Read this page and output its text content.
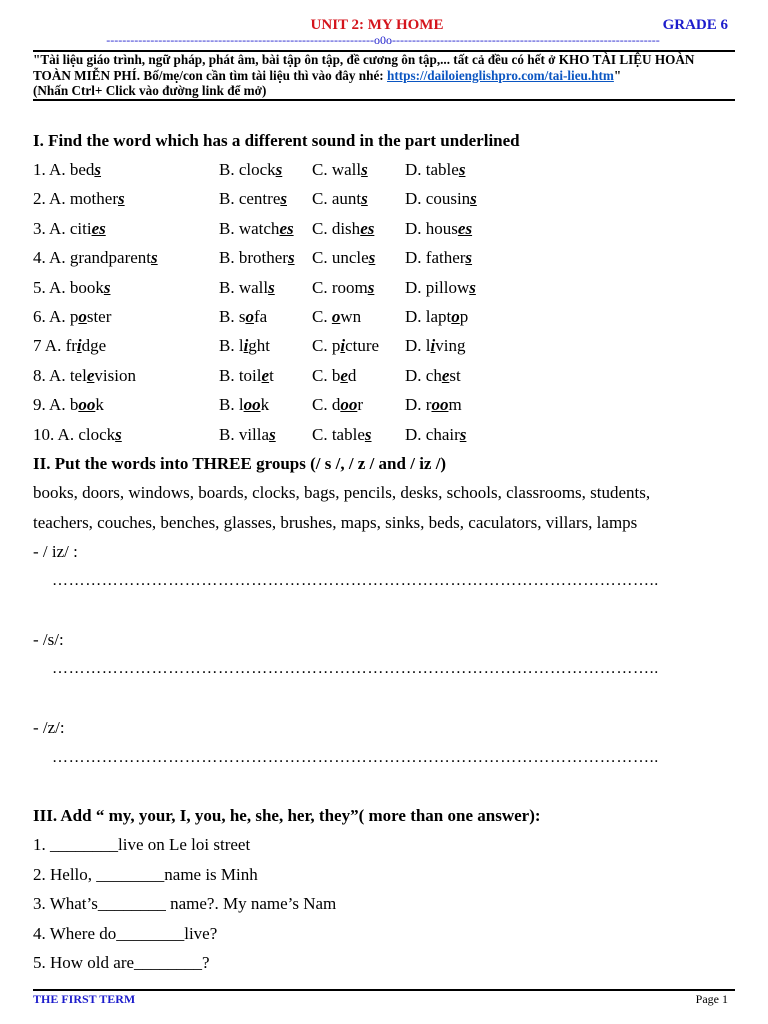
UNIT 2: MY HOME	GRADE 6
-------------------------------------------------------------------o0o-------------------------------------------------------------------
"Tài liệu giáo trình, ngữ pháp, phát âm, bài tập ôn tập, đề cương ôn tập,... tất cả đều có hết ở KHO TÀI LIỆU HOÀN TOÀN MIỄN PHÍ. Bố/mẹ/con cần tìm tài liệu thì vào đây nhé: https://dailoienglishpro.com/tai-lieu.htm"
(Nhấn Ctrl+ Click vào đường link để mở)
I. Find the word which has a different sound in the part underlined
1. A. beds	B. clocks C. walls D. tables
2. A. mothers	B. centres C. aunts D. cousins
3. A. cities	B. watches C. dishes D. houses
4. A. grandparents	B. brothers C. uncles D. fathers
5. A. books	B. walls C. rooms D. pillows
6. A. poster	B. sofa	C. own	D. laptop
7 A. fridge	B. light C. picture D. living
8. A. television	B. toilet C. bed	D. chest
9. A. book	B. look	C. door D. room
10. A. clocks	B. villas C. tables D. chairs
II. Put the words into THREE groups (/ s /, / z / and / iz /)
books, doors, windows, boards, clocks, bags, pencils, desks, schools, classrooms, students,
teachers, couches, benches, glasses, brushes, maps, sinks, beds, caculators, villars, lamps
- / iz/ :
………………………………………………………………………………………………..
- /s/:
………………………………………………………………………………………………..
- /z/:
………………………………………………………………………………………………..
III. Add “ my, your, I, you, he, she, her, they”( more than one answer):
1. ________live on Le loi street
2. Hello, ________name is Minh
3. What’s________ name?. My name’s Nam
4. Where do________live?
5. How old are________?
THE FIRST TERM	Page 1
